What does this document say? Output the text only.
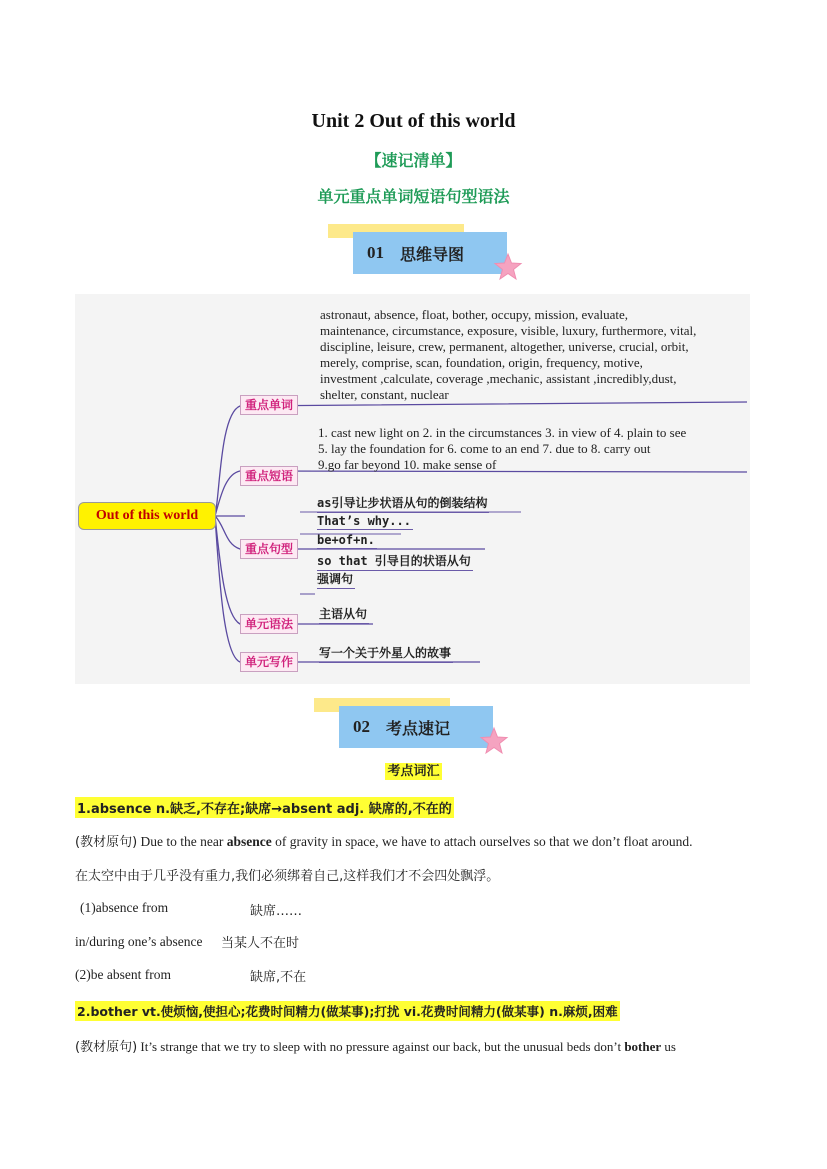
Unit 2 Out of this world
【速记清单】
单元重点单词短语句型语法
01 思维导图
Out of this world
重点单词
astronaut, absence, float, bother, occupy, mission, evaluate,
maintenance, circumstance, exposure, visible, luxury, furthermore, vital,
discipline, leisure, crew, permanent, altogether, universe, crucial, orbit,
merely, comprise, scan, foundation, origin, frequency, motive,
investment ,calculate, coverage ,mechanic, assistant ,incredibly,dust,
shelter, constant, nuclear
重点短语
1. cast new light on 2. in the circumstances 3. in view of 4. plain to see
5. lay the foundation for 6. come to an end 7. due to 8. carry out
9.go far beyond 10. make sense of
重点句型
as引导让步状语从句的倒装结构
That’s why...
be+of+n.
so that 引导目的状语从句
强调句
单元语法
主语从句
单元写作
写一个关于外星人的故事
02 考点速记
考点词汇
1.absence n.缺乏,不存在;缺席→absent adj. 缺席的,不在的
(教材原句) Due to the near absence of gravity in space, we have to attach ourselves so that we don’t float around.
在太空中由于几乎没有重力,我们必须绑着自己,这样我们才不会四处飘浮。
(1)absence from	缺席……
in/during one’s absence 当某人不在时
(2)be absent from	缺席,不在
2.bother vt.使烦恼,使担心;花费时间精力(做某事);打扰 vi.花费时间精力(做某事) n.麻烦,困难
(教材原句) It’s strange that we try to sleep with no pressure against our back, but the unusual beds don’t bother us
